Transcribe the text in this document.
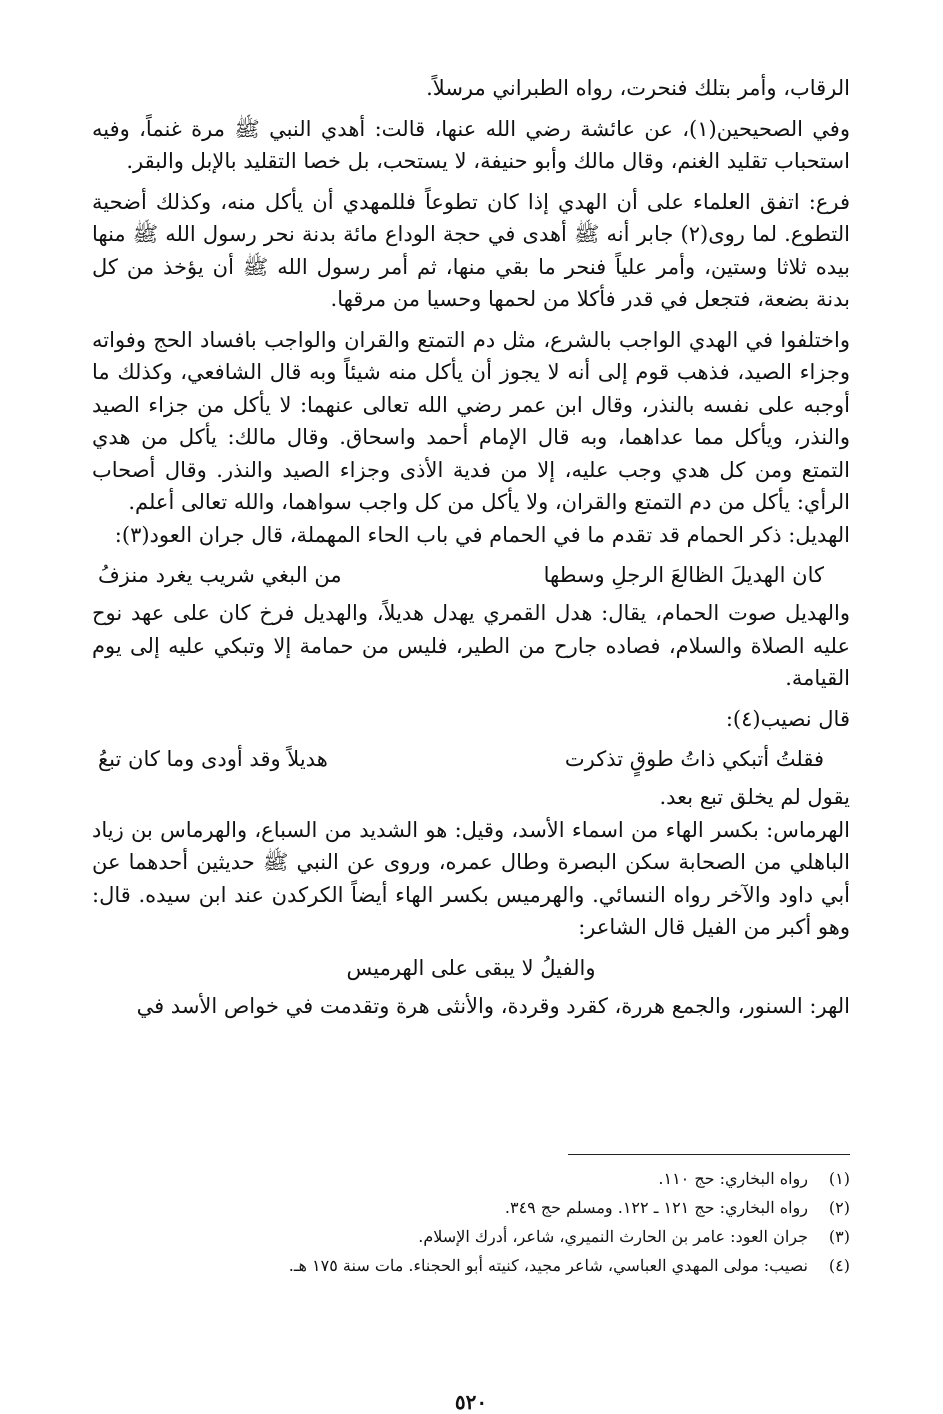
الرقاب، وأمر بتلك فنحرت، رواه الطبراني مرسلاً.

وفي الصحيحين(١)، عن عائشة رضي الله عنها، قالت: أهدي النبي ﷺ مرة غنماً، وفيه استحباب تقليد الغنم، وقال مالك وأبو حنيفة، لا يستحب، بل خصا التقليد بالإبل والبقر.

فرع: اتفق العلماء على أن الهدي إذا كان تطوعاً فللمهدي أن يأكل منه، وكذلك أضحية التطوع. لما روى(٢) جابر أنه ﷺ أهدى في حجة الوداع مائة بدنة نحر رسول الله ﷺ منها بيده ثلاثا وستين، وأمر علياً فنحر ما بقي منها، ثم أمر رسول الله ﷺ أن يؤخذ من كل بدنة بضعة، فتجعل في قدر فأكلا من لحمها وحسيا من مرقها.

واختلفوا في الهدي الواجب بالشرع، مثل دم التمتع والقران والواجب بافساد الحج وفواته وجزاء الصيد، فذهب قوم إلى أنه لا يجوز أن يأكل منه شيئاً وبه قال الشافعي، وكذلك ما أوجبه على نفسه بالنذر، وقال ابن عمر رضي الله تعالى عنهما: لا يأكل من جزاء الصيد والنذر، ويأكل مما عداهما، وبه قال الإمام أحمد واسحاق. وقال مالك: يأكل من هدي التمتع ومن كل هدي وجب عليه، إلا من فدية الأذى وجزاء الصيد والنذر. وقال أصحاب الرأي: يأكل من دم التمتع والقران، ولا يأكل من كل واجب سواهما، والله تعالى أعلم.

الهديل: ذكر الحمام قد تقدم ما في الحمام في باب الحاء المهملة، قال جران العود(٣):

كان الهديلَ الظالعَ الرجلِ وسطها
من البغي شريب يغرد منزفُ

والهديل صوت الحمام، يقال: هدل القمري يهدل هديلاً، والهديل فرخ كان على عهد نوح عليه الصلاة والسلام، فصاده جارح من الطير، فليس من حمامة إلا وتبكي عليه إلى يوم القيامة.

قال نصيب(٤):

فقلتُ أتبكي ذاتُ طوقٍ تذكرت
هديلاً وقد أودى وما كان تبعُ

يقول لم يخلق تبع بعد.

الهرماس: بكسر الهاء من اسماء الأسد، وقيل: هو الشديد من السباع، والهرماس بن زياد الباهلي من الصحابة سكن البصرة وطال عمره، وروى عن النبي ﷺ حديثين أحدهما عن أبي داود والآخر رواه النسائي. والهرميس بكسر الهاء أيضاً الكركدن عند ابن سيده. قال: وهو أكبر من الفيل قال الشاعر:

والفيلُ لا يبقى على الهرميس

الهر: السنور، والجمع هررة، كقرد وقردة، والأنثى هرة وتقدمت في خواص الأسد في

(١)
رواه البخاري: حج ١١٠.

(٢)
رواه البخاري: حج ١٢١ ـ ١٢٢. ومسلم حج ٣٤٩.

(٣)
جران العود: عامر بن الحارث النميري، شاعر، أدرك الإسلام.

(٤)
نصيب: مولى المهدي العباسي، شاعر مجيد، كنيته أبو الحجناء. مات سنة ١٧٥ هـ.

٥٢٠
